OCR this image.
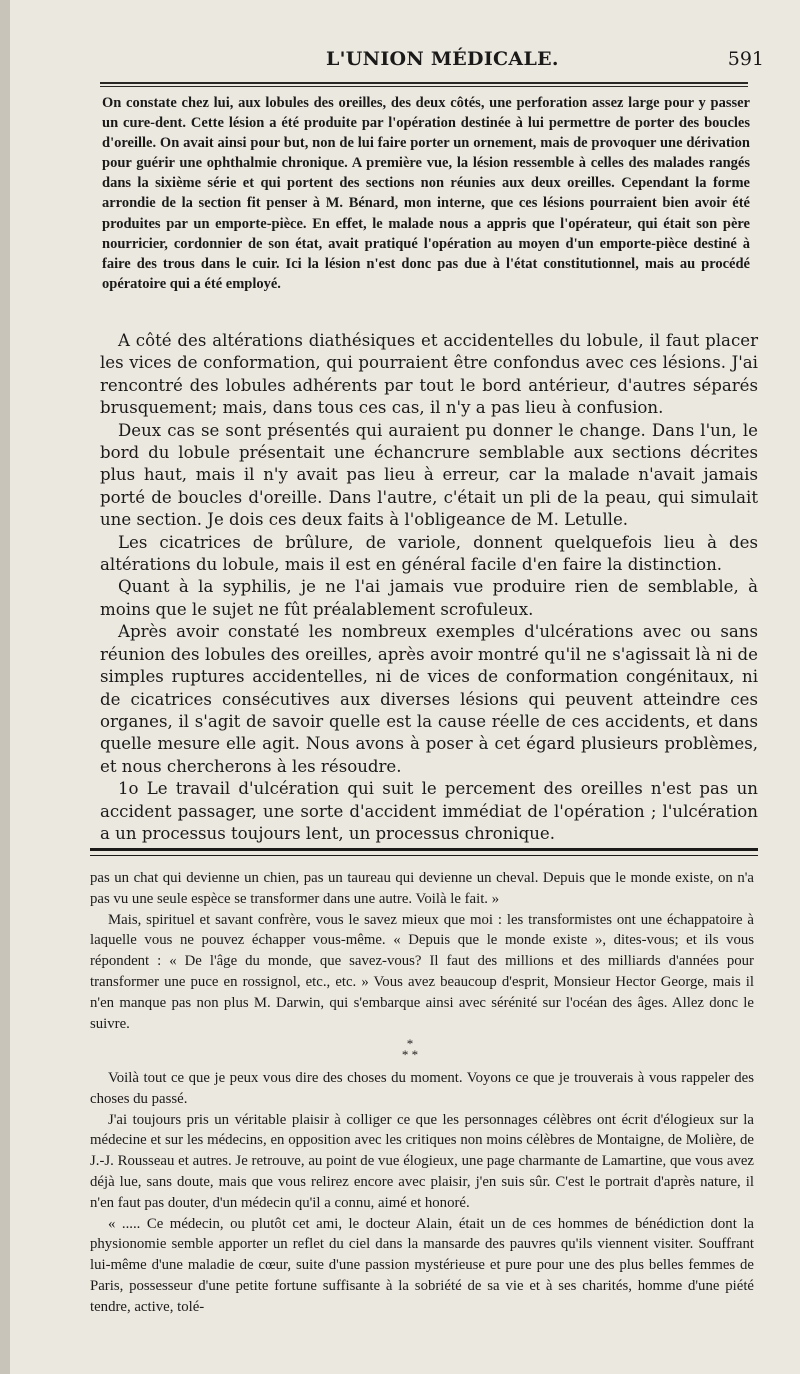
L'UNION MÉDICALE.	591

On constate chez lui, aux lobules des oreilles, des deux côtés, une perforation assez large pour y passer un cure-dent. Cette lésion a été produite par l'opération destinée à lui permettre de porter des boucles d'oreille. On avait ainsi pour but, non de lui faire porter un ornement, mais de provoquer une dérivation pour guérir une ophthalmie chronique. A première vue, la lésion ressemble à celles des malades rangés dans la sixième série et qui portent des sections non réunies aux deux oreilles. Cependant la forme arrondie de la section fit penser à M. Bénard, mon interne, que ces lésions pourraient bien avoir été produites par un emporte-pièce. En effet, le malade nous a appris que l'opérateur, qui était son père nourricier, cordonnier de son état, avait pratiqué l'opération au moyen d'un emporte-pièce destiné à faire des trous dans le cuir. Ici la lésion n'est donc pas due à l'état constitutionnel, mais au procédé opératoire qui a été employé.

A côté des altérations diathésiques et accidentelles du lobule, il faut placer les vices de conformation, qui pourraient être confondus avec ces lésions. J'ai rencontré des lobules adhérents par tout le bord antérieur, d'autres séparés brusquement; mais, dans tous ces cas, il n'y a pas lieu à confusion.

Deux cas se sont présentés qui auraient pu donner le change. Dans l'un, le bord du lobule présentait une échancrure semblable aux sections décrites plus haut, mais il n'y avait pas lieu à erreur, car la malade n'avait jamais porté de boucles d'oreille. Dans l'autre, c'était un pli de la peau, qui simulait une section. Je dois ces deux faits à l'obligeance de M. Letulle.

Les cicatrices de brûlure, de variole, donnent quelquefois lieu à des altérations du lobule, mais il est en général facile d'en faire la distinction.

Quant à la syphilis, je ne l'ai jamais vue produire rien de semblable, à moins que le sujet ne fût préalablement scrofuleux.

Après avoir constaté les nombreux exemples d'ulcérations avec ou sans réunion des lobules des oreilles, après avoir montré qu'il ne s'agissait là ni de simples ruptures accidentelles, ni de vices de conformation congénitaux, ni de cicatrices consécutives aux diverses lésions qui peuvent atteindre ces organes, il s'agit de savoir quelle est la cause réelle de ces accidents, et dans quelle mesure elle agit. Nous avons à poser à cet égard plusieurs problèmes, et nous chercherons à les résoudre.

1o Le travail d'ulcération qui suit le percement des oreilles n'est pas un accident passager, une sorte d'accident immédiat de l'opération ; l'ulcération a un processus toujours lent, un processus chronique.

pas un chat qui devienne un chien, pas un taureau qui devienne un cheval. Depuis que le monde existe, on n'a pas vu une seule espèce se transformer dans une autre. Voilà le fait. »

Mais, spirituel et savant confrère, vous le savez mieux que moi : les transformistes ont une échappatoire à laquelle vous ne pouvez échapper vous-même. « Depuis que le monde existe », dites-vous; et ils vous répondent : « De l'âge du monde, que savez-vous? Il faut des millions et des milliards d'années pour transformer une puce en rossignol, etc., etc. » Vous avez beaucoup d'esprit, Monsieur Hector George, mais il n'en manque pas non plus M. Darwin, qui s'embarque ainsi avec sérénité sur l'océan des âges. Allez donc le suivre.

*
* *

Voilà tout ce que je peux vous dire des choses du moment. Voyons ce que je trouverais à vous rappeler des choses du passé.

J'ai toujours pris un véritable plaisir à colliger ce que les personnages célèbres ont écrit d'élogieux sur la médecine et sur les médecins, en opposition avec les critiques non moins célèbres de Montaigne, de Molière, de J.-J. Rousseau et autres. Je retrouve, au point de vue élogieux, une page charmante de Lamartine, que vous avez déjà lue, sans doute, mais que vous relirez encore avec plaisir, j'en suis sûr. C'est le portrait d'après nature, il n'en faut pas douter, d'un médecin qu'il a connu, aimé et honoré.

« ..... Ce médecin, ou plutôt cet ami, le docteur Alain, était un de ces hommes de bénédiction dont la physionomie semble apporter un reflet du ciel dans la mansarde des pauvres qu'ils viennent visiter. Souffrant lui-même d'une maladie de cœur, suite d'une passion mystérieuse et pure pour une des plus belles femmes de Paris, possesseur d'une petite fortune suffisante à la sobriété de sa vie et à ses charités, homme d'une piété tendre, active, tolé-
